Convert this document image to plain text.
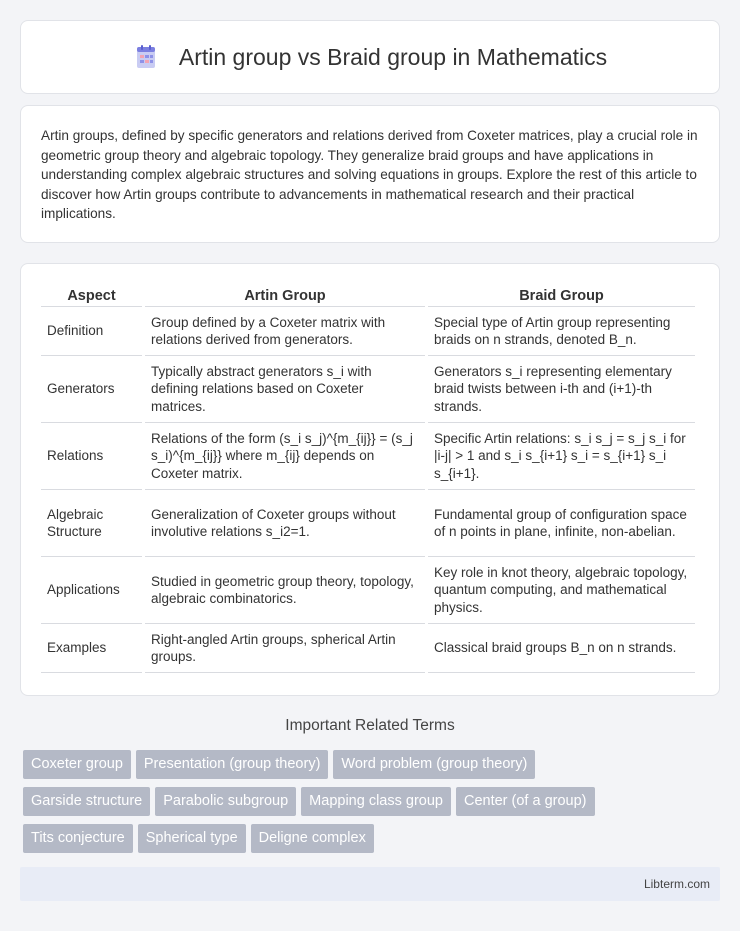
Artin group vs Braid group in Mathematics

Artin groups, defined by specific generators and relations derived from Coxeter matrices, play a crucial role in geometric group theory and algebraic topology. They generalize braid groups and have applications in understanding complex algebraic structures and solving equations in groups. Explore the rest of this article to discover how Artin groups contribute to advancements in mathematical research and their practical implications.

Aspect	Artin Group	Braid Group
Definition	Group defined by a Coxeter matrix with relations derived from generators.	Special type of Artin group representing braids on n strands, denoted B_n.
Generators	Typically abstract generators s_i with defining relations based on Coxeter matrices.	Generators s_i representing elementary braid twists between i-th and (i+1)-th strands.
Relations	Relations of the form (s_i s_j)^{m_{ij}} = (s_j s_i)^{m_{ij}} where m_{ij} depends on Coxeter matrix.	Specific Artin relations: s_i s_j = s_j s_i for |i-j| > 1 and s_i s_{i+1} s_i = s_{i+1} s_i s_{i+1}.
Algebraic Structure	Generalization of Coxeter groups without involutive relations s_i2=1.	Fundamental group of configuration space of n points in plane, infinite, non-abelian.
Applications	Studied in geometric group theory, topology, algebraic combinatorics.	Key role in knot theory, algebraic topology, quantum computing, and mathematical physics.
Examples	Right-angled Artin groups, spherical Artin groups.	Classical braid groups B_n on n strands.
Important Related Terms
Coxeter group	Presentation (group theory)	Word problem (group theory)
Garside structure	Parabolic subgroup	Mapping class group	Center (of a group)
Tits conjecture	Spherical type	Deligne complex
Libterm.com
